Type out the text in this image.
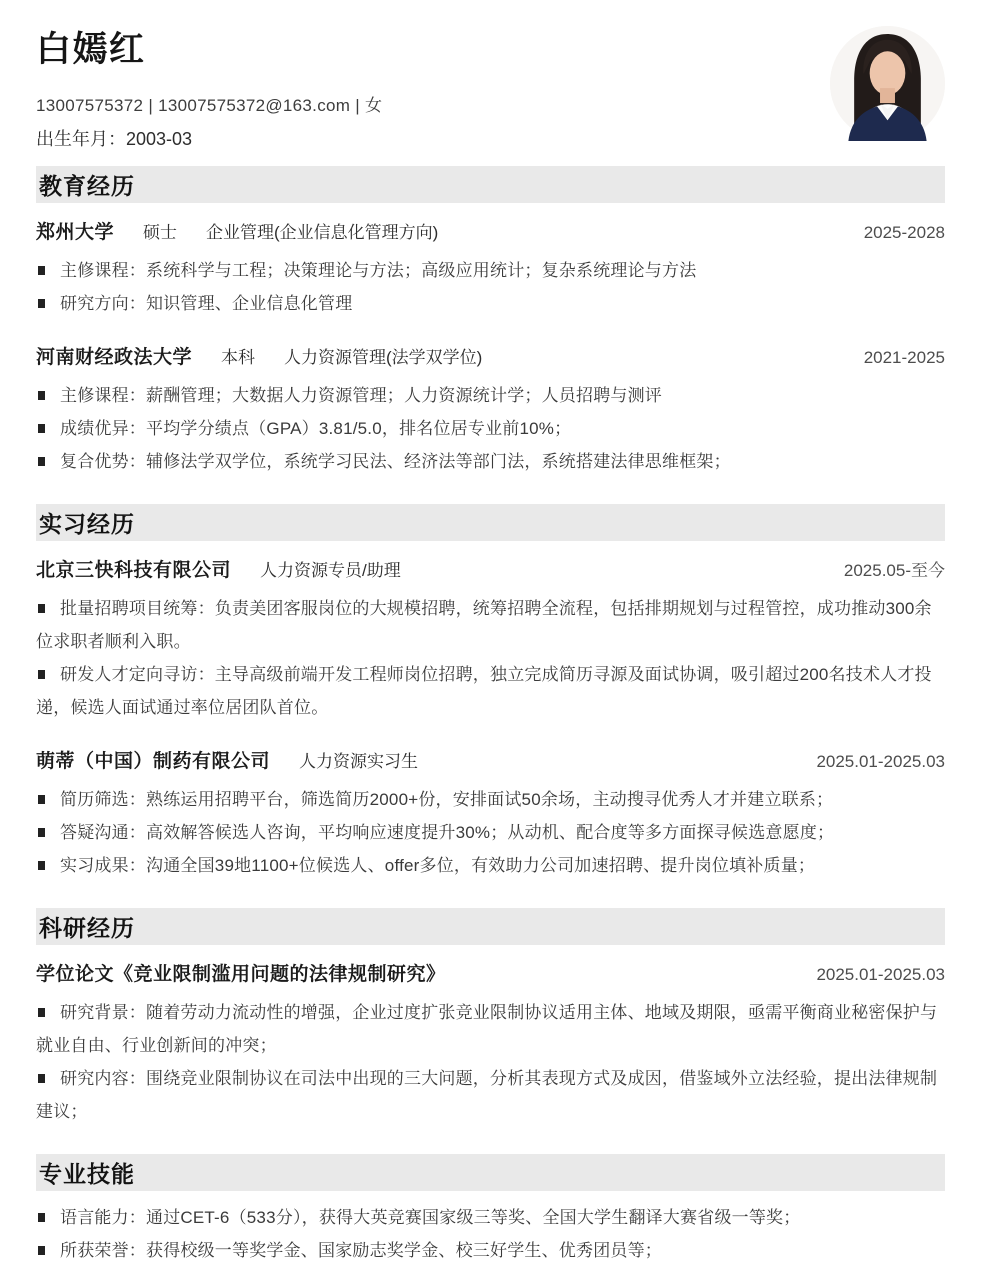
白嫣红
13007575372 | 13007575372@163.com | 女
出生年月：2003-03
教育经历
郑州大学 硕士 企业管理(企业信息化管理方向)	2025-2028
主修课程：系统科学与工程；决策理论与方法；高级应用统计；复杂系统理论与方法
研究方向：知识管理、企业信息化管理
河南财经政法大学 本科 人力资源管理(法学双学位)	2021-2025
主修课程：薪酬管理；大数据人力资源管理；人力资源统计学；人员招聘与测评
成绩优异：平均学分绩点（GPA）3.81/5.0，排名位居专业前10%；
复合优势：辅修法学双学位，系统学习民法、经济法等部门法，系统搭建法律思维框架；
实习经历
北京三快科技有限公司 人力资源专员/助理	2025.05-至今
批量招聘项目统筹：负责美团客服岗位的大规模招聘，统筹招聘全流程，包括排期规划与过程管控，成功推动300余位求职者顺利入职。
研发人才定向寻访：主导高级前端开发工程师岗位招聘，独立完成简历寻源及面试协调，吸引超过200名技术人才投递，候选人面试通过率位居团队首位。
萌蒂（中国）制药有限公司 人力资源实习生	2025.01-2025.03
简历筛选：熟练运用招聘平台，筛选简历2000+份，安排面试50余场，主动搜寻优秀人才并建立联系；
答疑沟通：高效解答候选人咨询，平均响应速度提升30%；从动机、配合度等多方面探寻候选意愿度；
实习成果：沟通全国39地1100+位候选人、offer多位，有效助力公司加速招聘、提升岗位填补质量；
科研经历
学位论文《竞业限制滥用问题的法律规制研究》	2025.01-2025.03
研究背景：随着劳动力流动性的增强，企业过度扩张竞业限制协议适用主体、地域及期限，亟需平衡商业秘密保护与就业自由、行业创新间的冲突；
研究内容：围绕竞业限制协议在司法中出现的三大问题，分析其表现方式及成因，借鉴域外立法经验，提出法律规制建议；
专业技能
语言能力：通过CET-6（533分），获得大英竞赛国家级三等奖、全国大学生翻译大赛省级一等奖；
所获荣誉：获得校级一等奖学金、国家励志奖学金、校三好学生、优秀团员等；
